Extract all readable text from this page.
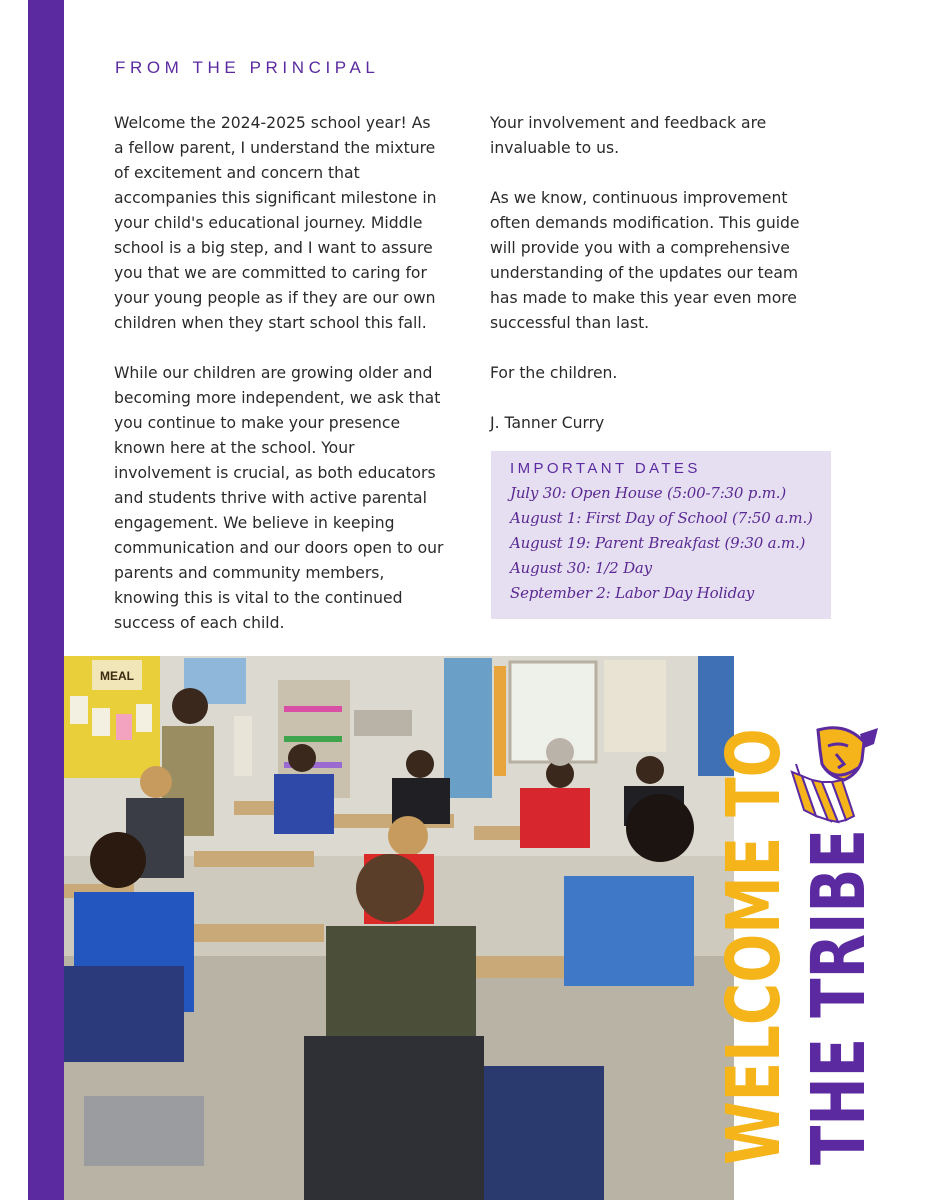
FROM THE PRINCIPAL

Welcome the 2024-2025 school year! As a fellow parent, I understand the mixture of excitement and concern that accompanies this significant milestone in your child's educational journey. Middle school is a big step, and I want to assure you that we are committed to caring for your young people as if they are our own children when they start school this fall.

While our children are growing older and becoming more independent, we ask that you continue to make your presence known here at the school. Your involvement is crucial, as both educators and students thrive with active parental engagement. We believe in keeping communication and our doors open to our parents and community members, knowing this is vital to the continued success of each child.

Your involvement and feedback are invaluable to us.

As we know, continuous improvement often demands modification. This guide will provide you with a comprehensive understanding of the updates our team has made to make this year even more successful than last.

For the children.

J. Tanner Curry

IMPORTANT DATES
July 30: Open House (5:00-7:30 p.m.)
August 1: First Day of School (7:50 a.m.)
August 19: Parent Breakfast (9:30 a.m.)
August 30: 1/2 Day
September 2: Labor Day Holiday
MEAL
WELCOME TO THE TRIBE
